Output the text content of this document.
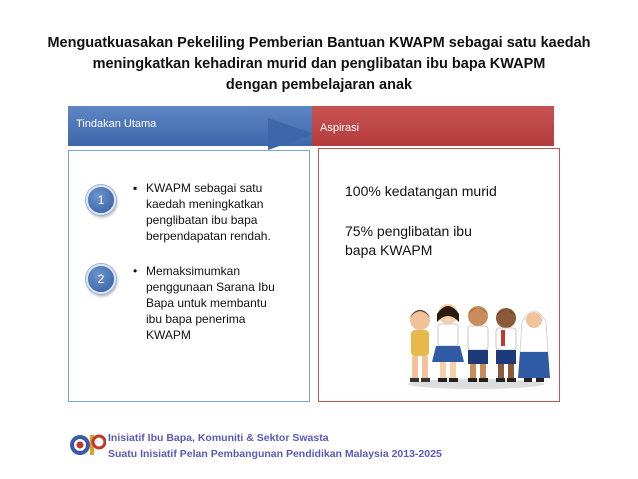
Menguatkuasakan Pekeliling Pemberian Bantuan KWAPM sebagai satu kaedah
meningkatkan kehadiran murid dan penglibatan ibu bapa KWAPM
dengan pembelajaran anak
Tindakan Utama	Aspirasi
1
▪ KWAPM sebagai satu
kaedah meningkatkan
penglibatan ibu bapa
berpendapatan rendah.
2
• Memaksimumkan
penggunaan Sarana Ibu
Bapa untuk membantu
ibu bapa penerima
KWAPM
100% kedatangan murid
75% penglibatan ibu
bapa KWAPM
Inisiatif Ibu Bapa, Komuniti & Sektor Swasta
Suatu Inisiatif Pelan Pembangunan Pendidikan Malaysia 2013-2025
